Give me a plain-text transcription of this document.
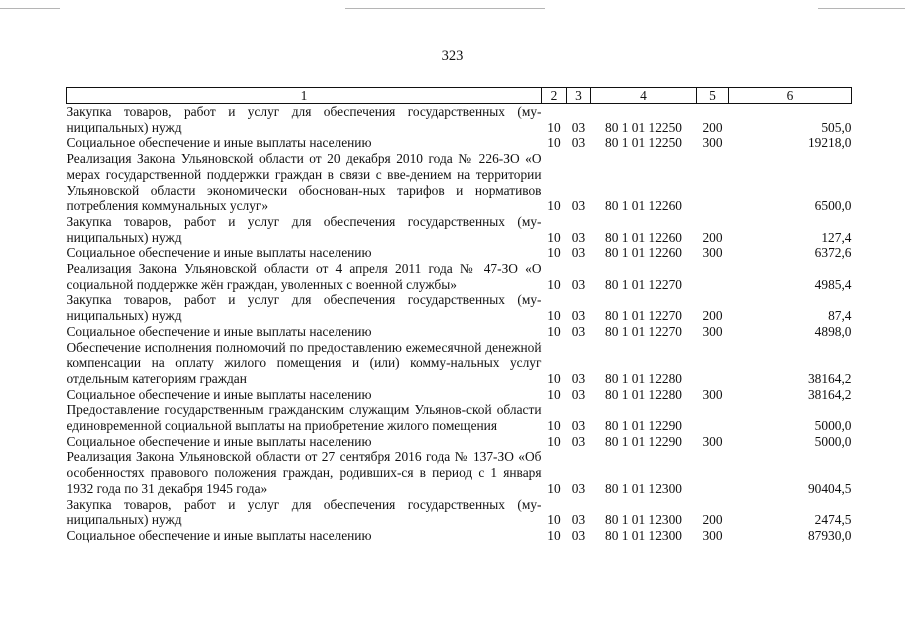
323
1	2	3	4	5	6
Закупка товаров, работ и услуг для обеспечения государственных (му-ниципальных) нужд	10	03	80 1 01 12250	200	505,0
Социальное обеспечение и иные выплаты населению	10	03	80 1 01 12250	300	19218,0
Реализация Закона Ульяновской области от 20 декабря 2010 года № 226-ЗО «О мерах государственной поддержки граждан в связи с вве-дением на территории Ульяновской области экономически обоснован-ных тарифов и нормативов потребления коммунальных услуг»	10	03	80 1 01 12260		6500,0
Закупка товаров, работ и услуг для обеспечения государственных (му-ниципальных) нужд	10	03	80 1 01 12260	200	127,4
Социальное обеспечение и иные выплаты населению	10	03	80 1 01 12260	300	6372,6
Реализация Закона Ульяновской области от 4 апреля 2011 года № 47-ЗО «О социальной поддержке жён граждан, уволенных с военной службы»	10	03	80 1 01 12270		4985,4
Закупка товаров, работ и услуг для обеспечения государственных (му-ниципальных) нужд	10	03	80 1 01 12270	200	87,4
Социальное обеспечение и иные выплаты населению	10	03	80 1 01 12270	300	4898,0
Обеспечение исполнения полномочий по предоставлению ежемесячной денежной компенсации на оплату жилого помещения и (или) комму-нальных услуг отдельным категориям граждан	10	03	80 1 01 12280		38164,2
Социальное обеспечение и иные выплаты населению	10	03	80 1 01 12280	300	38164,2
Предоставление государственным гражданским служащим Ульянов-ской области единовременной социальной выплаты на приобретение жилого помещения	10	03	80 1 01 12290		5000,0
Социальное обеспечение и иные выплаты населению	10	03	80 1 01 12290	300	5000,0
Реализация Закона Ульяновской области от 27 сентября 2016 года № 137-ЗО «Об особенностях правового положения граждан, родивших-ся в период с 1 января 1932 года по 31 декабря 1945 года»	10	03	80 1 01 12300		90404,5
Закупка товаров, работ и услуг для обеспечения государственных (му-ниципальных) нужд	10	03	80 1 01 12300	200	2474,5
Социальное обеспечение и иные выплаты населению	10	03	80 1 01 12300	300	87930,0
